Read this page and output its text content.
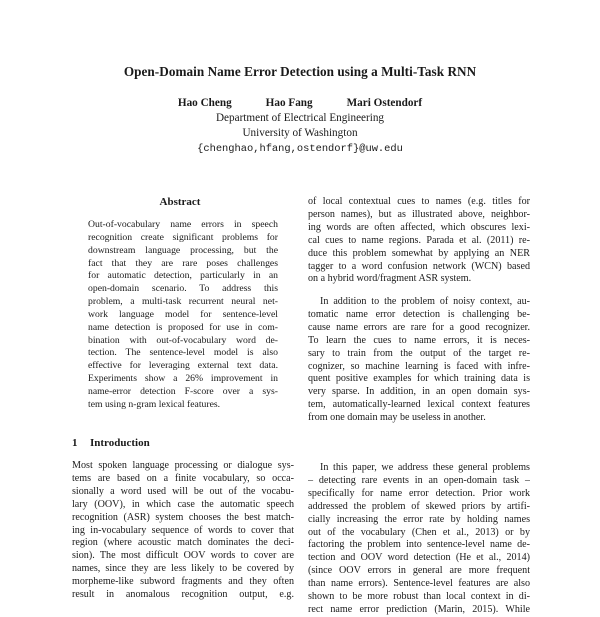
Open-Domain Name Error Detection using a Multi-Task RNN
Hao Cheng	Hao Fang	Mari Ostendorf
Department of Electrical Engineering
University of Washington
{chenghao,hfang,ostendorf}@uw.edu
Abstract
Out-of-vocabulary name errors in speech
recognition create significant problems for
downstream language processing, but the
fact that they are rare poses challenges
for automatic detection, particularly in an
open-domain scenario. To address this
problem, a multi-task recurrent neural net-
work language model for sentence-level
name detection is proposed for use in com-
bination with out-of-vocabulary word de-
tection. The sentence-level model is also
effective for leveraging external text data.
Experiments show a 26% improvement in
name-error detection F-score over a sys-
tem using n-gram lexical features.
1 Introduction
Most spoken language processing or dialogue sys-
tems are based on a finite vocabulary, so occa-
sionally a word used will be out of the vocabu-
lary (OOV), in which case the automatic speech
recognition (ASR) system chooses the best match-
ing in-vocabulary sequence of words to cover that
region (where acoustic match dominates the deci-
sion). The most difficult OOV words to cover are
names, since they are less likely to be covered by
morpheme-like subword fragments and they often
result in anomalous recognition output, e.g.
of local contextual cues to names (e.g. titles for
person names), but as illustrated above, neighbor-
ing words are often affected, which obscures lexi-
cal cues to name regions. Parada et al. (2011) re-
duce this problem somewhat by applying an NER
tagger to a word confusion network (WCN) based
on a hybrid word/fragment ASR system.
In addition to the problem of noisy context, au-
tomatic name error detection is challenging be-
cause name errors are rare for a good recognizer.
To learn the cues to name errors, it is neces-
sary to train from the output of the target re-
cognizer, so machine learning is faced with infre-
quent positive examples for which training data is
very sparse. In addition, in an open domain sys-
tem, automatically-learned lexical context features
from one domain may be useless in another.
In this paper, we address these general problems
– detecting rare events in an open-domain task –
specifically for name error detection. Prior work
addressed the problem of skewed priors by artifi-
cially increasing the error rate by holding names
out of the vocabulary (Chen et al., 2013) or by
factoring the problem into sentence-level name de-
tection and OOV word detection (He et al., 2014)
(since OOV errors in general are more frequent
than name errors). Sentence-level features are also
shown to be more robust than local context in di-
rect name error prediction (Marin, 2015). While
